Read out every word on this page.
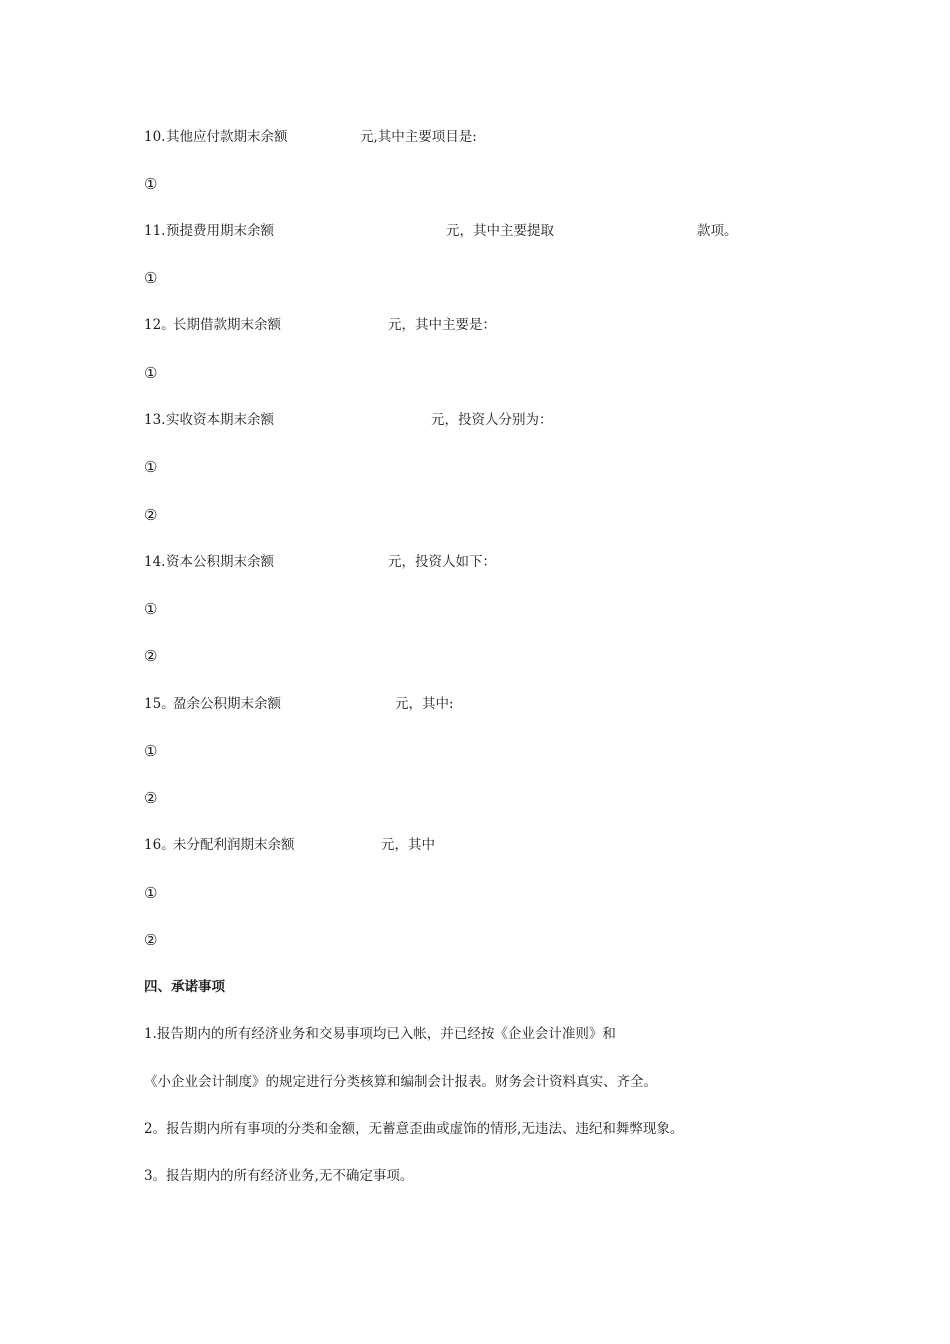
10. 其他应付款期末余额	元,其中主要项目是:
①
11. 预提费用期末余额	元，其中主要提取	款项。
①
12。
长期借款期末余额	元，其中主要是：
①
13. 实收资本期末余额	元，投资人分别为：
①
②
14. 资本公积期末余额	元，投资人如下：
①
②
15。
盈余公积期末余额	元，其中:
①
②
16。
未分配利润期末余额	元，其中
①
②
四、承诺事项
1.报告期内的所有经济业务和交易事项均已入帐，并已经按《企业会计准则》和
《小企业会计制度》的规定进行分类核算和编制会计报表。财务会计资料真实、齐全。
2。报告期内所有事项的分类和金额，无蓄意歪曲或虚饰的情形,无违法、违纪和舞弊现象。
3。报告期内的所有经济业务,无不确定事项。
